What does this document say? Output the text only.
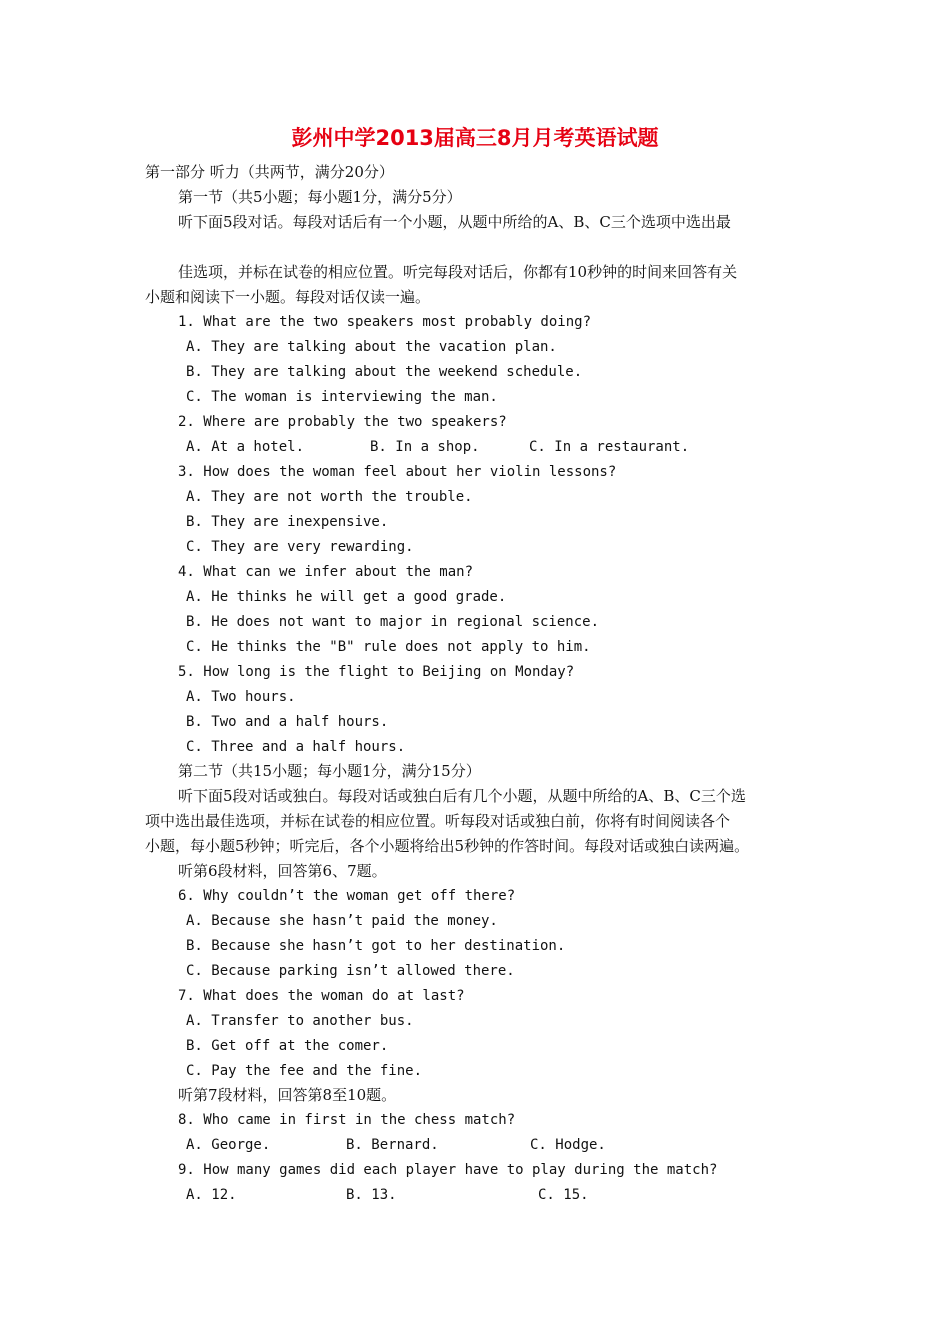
彭州中学2013届高三8月月考英语试题
第一部分 听力（共两节，满分20分）
第一节（共5小题；每小题1分，满分5分）
听下面5段对话。每段对话后有一个小题，从题中所给的A、B、C三个选项中选出最
佳选项，并标在试卷的相应位置。听完每段对话后，你都有10秒钟的时间来回答有关
小题和阅读下一小题。每段对话仅读一遍。
1. What are the two speakers most probably doing?
A. They are talking about the vacation plan.
B. They are talking about the weekend schedule.
C. The woman is interviewing the man.
2. Where are probably the two speakers?
A. At a hotel.	B. In a shop.	C. In a restaurant.
3. How does the woman feel about her violin lessons?
A. They are not worth the trouble.
B. They are inexpensive.
C. They are very rewarding.
4. What can we infer about the man?
A. He thinks he will get a good grade.
B. He does not want to major in regional science.
C. He thinks the "B" rule does not apply to him.
5. How long is the flight to Beijing on Monday?
A. Two hours.
B. Two and a half hours.
C. Three and a half hours.
第二节（共15小题；每小题1分，满分15分）
听下面5段对话或独白。每段对话或独白后有几个小题，从题中所给的A、B、C三个选
项中选出最佳选项，并标在试卷的相应位置。听每段对话或独白前，你将有时间阅读各个
小题，每小题5秒钟；听完后，各个小题将给出5秒钟的作答时间。每段对话或独白读两遍。
听第6段材料，回答第6、7题。
6. Why couldn’t the woman get off there?
A. Because she hasn’t paid the money.
B. Because she hasn’t got to her destination.
C. Because parking isn’t allowed there.
7. What does the woman do at last?
A. Transfer to another bus.
B. Get off at the comer.
C. Pay the fee and the fine.
听第7段材料，回答第8至10题。
8. Who came in first in the chess match?
A. George.	B. Bernard.	C. Hodge.
9. How many games did each player have to play during the match?
A. 12.	B. 13.	C. 15.
